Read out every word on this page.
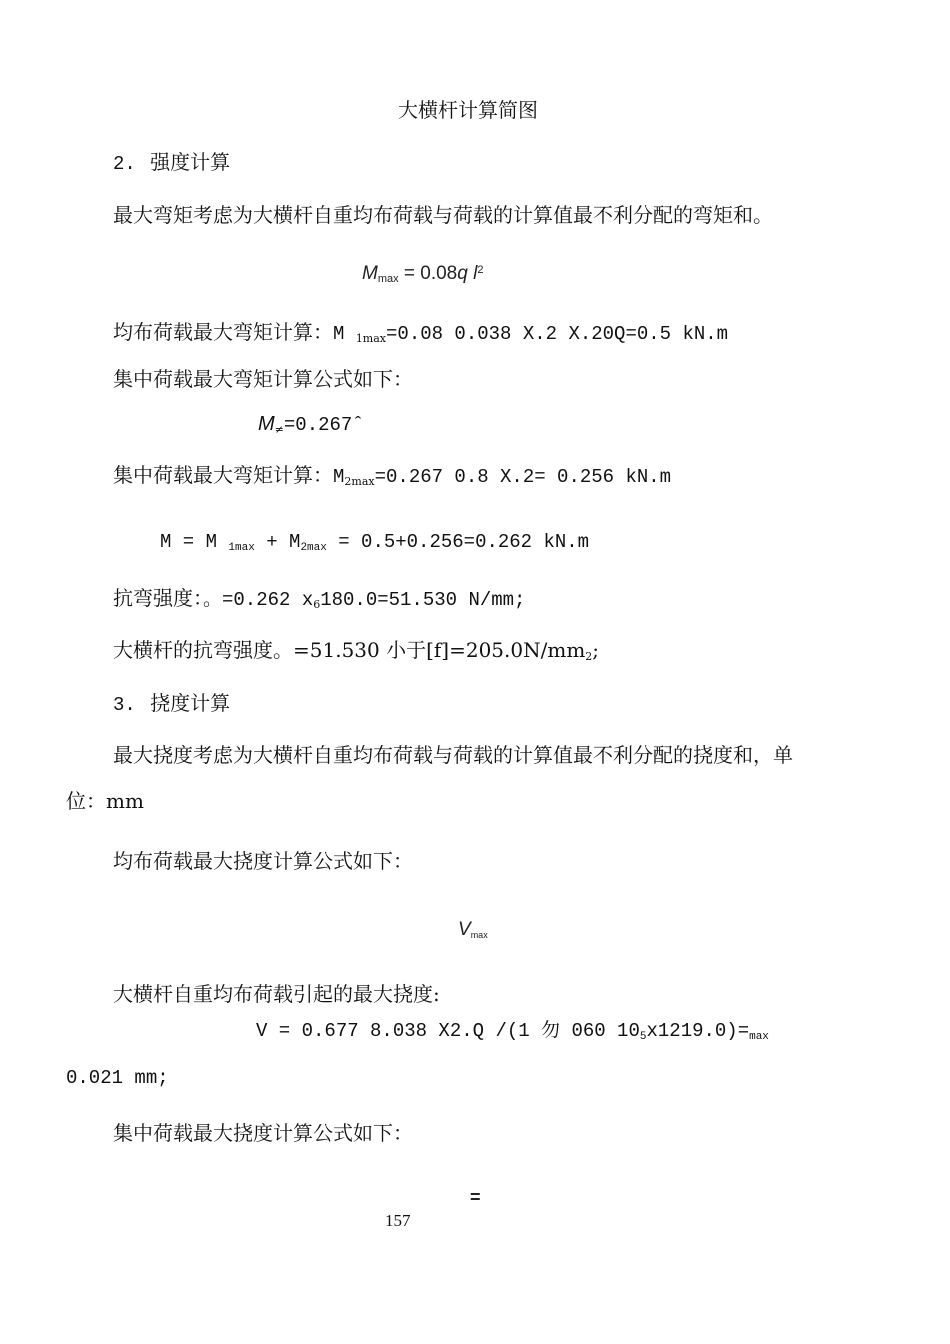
大横杆计算简图
2. 强度计算
最大弯矩考虑为大横杆自重均布荷载与荷载的计算值最不利分配的弯矩和。
$M_{max} = 0.08q$ $l^2$
均布荷载最大弯矩计算：M $_{1max}$=0.08 0.038 X.2 X.20Q=0.5 kN.m
集中荷载最大弯矩计算公式如下：
$M_\ne=0.267ˆ$
集中荷载最大弯矩计算：$M_{2max}=0.267$ 0.8 X.2= 0.256 kN.m
M = M $_{1max} + M_{2max} = 0.5+0.256=0.262$ kN.m
抗弯强度：。=0.262 $x_6180.0=51.530$ N/mm;
大横杆的抗弯强度。=51.530 小于$[f]=205.0N/mm_2$;
3. 挠度计算
最大挠度考虑为大横杆自重均布荷载与荷载的计算值最不利分配的挠度和，单
位：mm
均布荷载最大挠度计算公式如下：
$V_{max}$
大横杆自重均布荷载引起的最大挠度:
V = 0.677 8.038 X2.Q /(1 勿 060 $10_5x1219.0)=_{max}$
0.021 mm;
集中荷载最大挠度计算公式如下：
=
157
